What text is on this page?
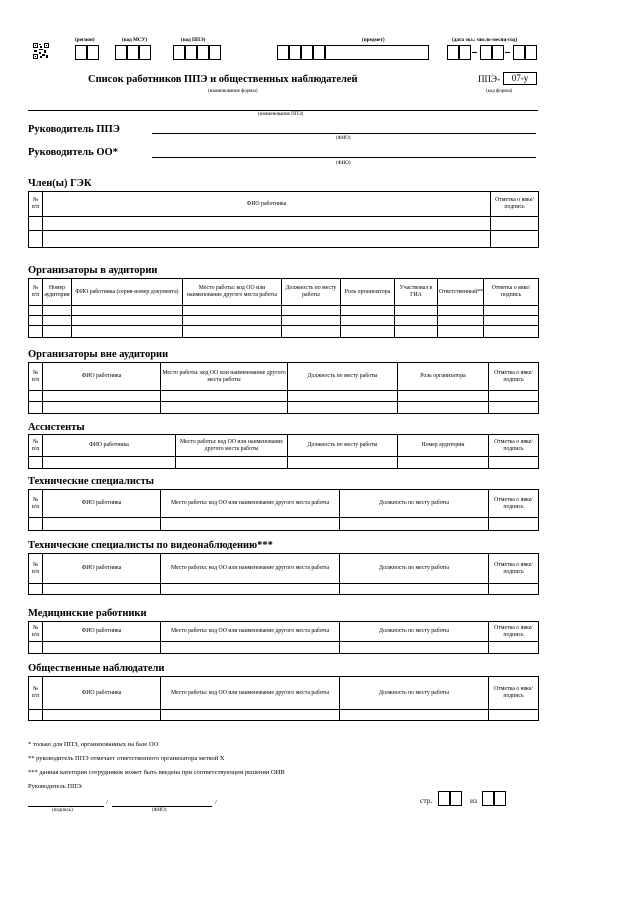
(регион)	(код МСУ)	(код ППЭ)	(предмет)	(дата экз.: число-месяц-год)
Список работников ППЭ и общественных наблюдателей
(наименование формы)
ППЭ-	07-у
(код формы)
(наименование ППЭ)
Руководитель ППЭ
(ФИО)
Руководитель ОО*
(ФИО)
Член(ы) ГЭК
№ п/п	ФИО работника	Отметка о явке/ подпись

Организаторы в аудитории
№ п/п	Номер аудитории	ФИО работника (серия-номер документа)	Место работы: код ОО или наименование другого места работы	Должность по месту работы	Роль организатора	Участвовал в ГИА	Ответственный**	Отметка о явке/ подпись

Организаторы вне аудитории
№ п/п	ФИО работника	Место работы: код ОО или наименование другого места работы	Должность по месту работы	Роль организатора	Отметка о явке/ подпись

Ассистенты
№ п/п	ФИО работника	Место работы: код ОО или наименование другого места работы	Должность по месту работы	Номер аудитории	Отметка о явке/ подпись

Технические специалисты
№ п/п	ФИО работника	Место работы: код ОО или наименование другого места работы	Должность по месту работы	Отметка о явке/ подпись

Технические специалисты по видеонаблюдению***
№ п/п	ФИО работника	Место работы: код ОО или наименование другого места работы	Должность по месту работы	Отметка о явке/ подпись

Медицинские работники
№ п/п	ФИО работника	Место работы: код ОО или наименование другого места работы	Должность по месту работы	Отметка о явке/ подпись

Общественные наблюдатели
№ п/п	ФИО работника	Место работы: код ОО или наименование другого места работы	Должность по месту работы	Отметка о явке/ подпись

* только для ППЭ, организованных на базе ОО
** руководитель ППЭ отмечает ответственного организатора меткой X
*** данная категория сотрудников может быть введена при соответствующем решении ОИВ
Руководитель ППЭ:
/	/
(подпись)	(ФИО)
стр.	из
